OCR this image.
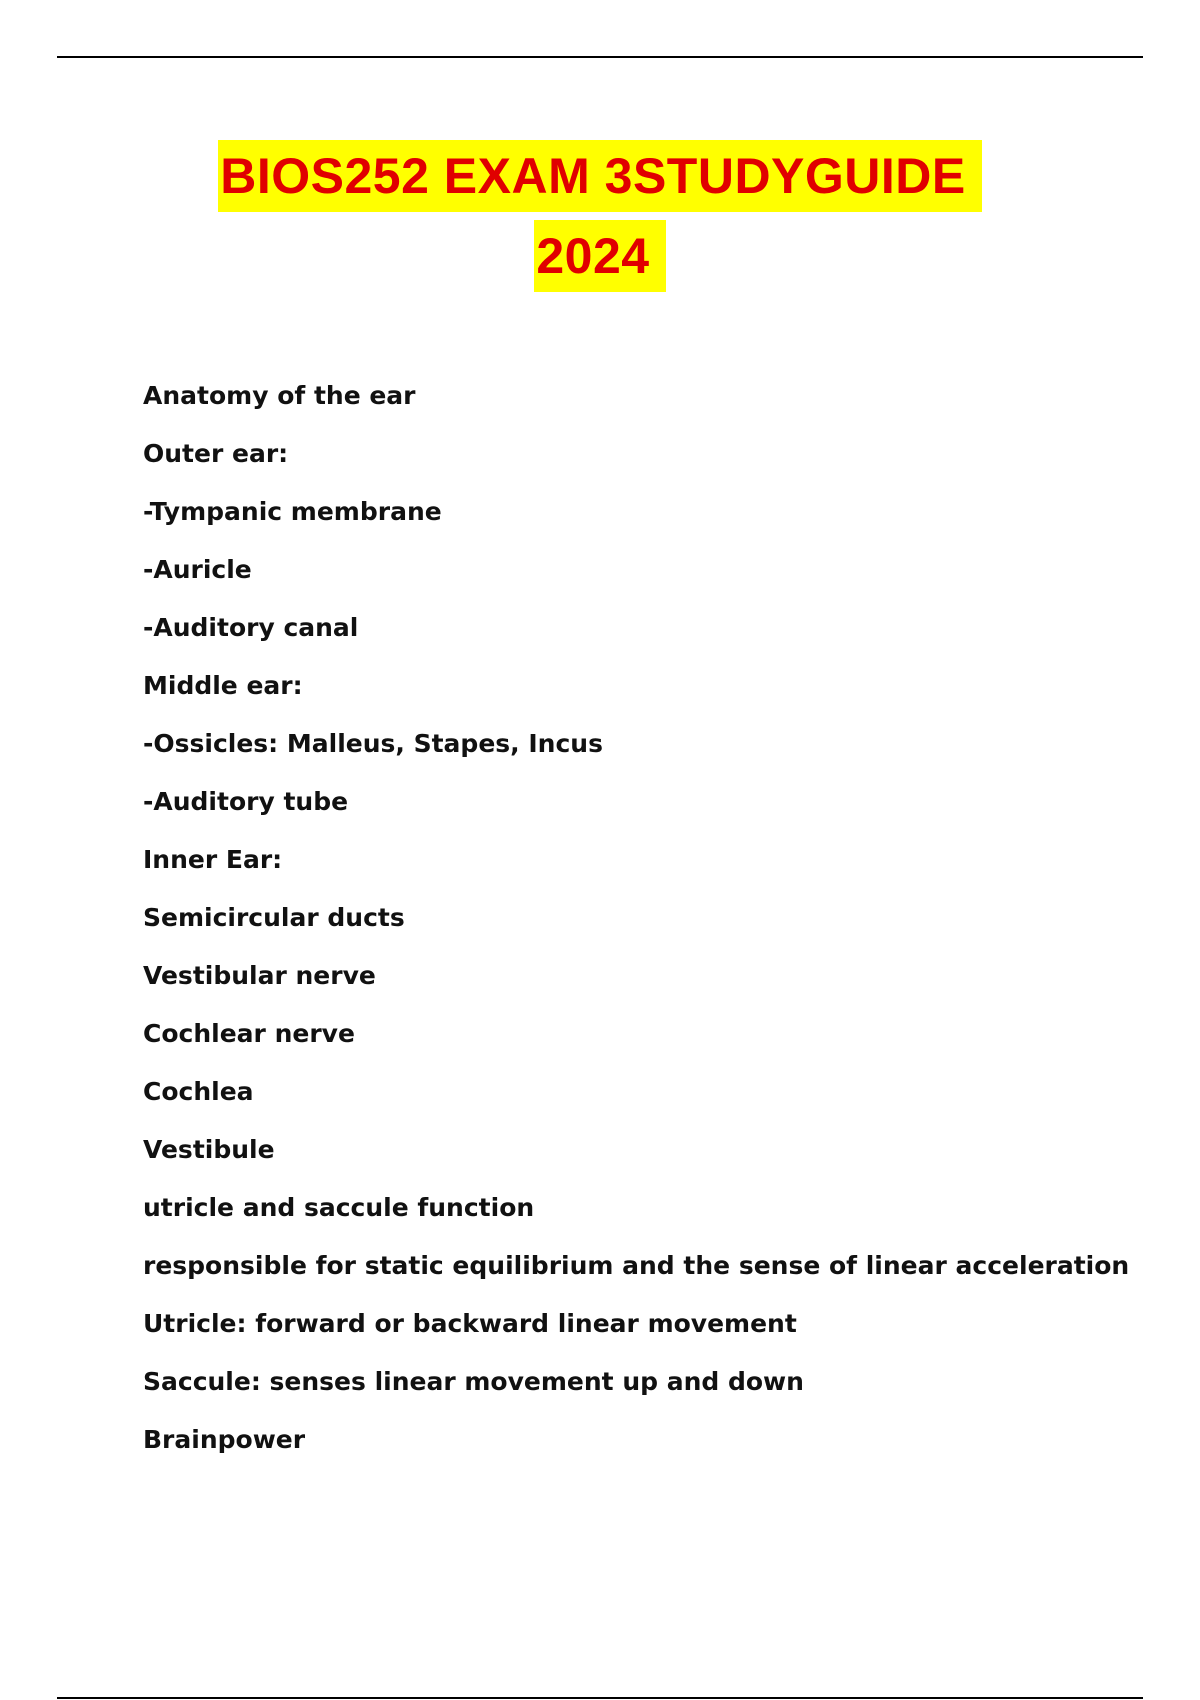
BIOS252 EXAM 3STUDYGUIDE
2024
Anatomy of the ear
Outer ear:
-Tympanic membrane
-Auricle
-Auditory canal
Middle ear:
-Ossicles: Malleus, Stapes, Incus
-Auditory tube
Inner Ear:
Semicircular ducts
Vestibular nerve
Cochlear nerve
Cochlea
Vestibule
utricle and saccule function
responsible for static equilibrium and the sense of linear acceleration
Utricle: forward or backward linear movement
Saccule: senses linear movement up and down
Brainpower
